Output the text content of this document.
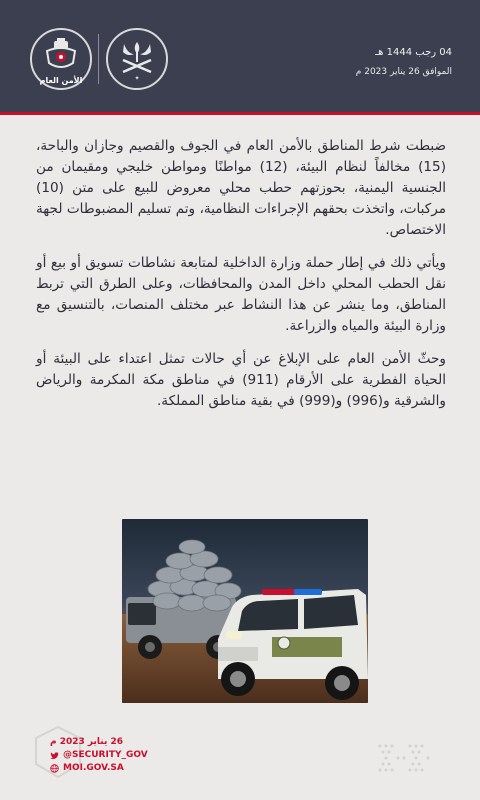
الأمن العام	✦
04 رجب 1444 هـ
الموافق 26 يناير 2023 م

ضبطت شرط المناطق بالأمن العام في الجوف والقصيم وجازان والباحة، (15) مخالفاً لنظام البيئة، (12) مواطنًا ومواطن خليجي ومقيمان من الجنسية اليمنية، بحوزتهم حطب محلي معروض للبيع على متن (10) مركبات، واتخذت بحقهم الإجراءات النظامية، وتم تسليم المضبوطات لجهة الاختصاص.

ويأتي ذلك في إطار حملة وزارة الداخلية لمتابعة نشاطات تسويق أو بيع أو نقل الحطب المحلي داخل المدن والمحافظات، وعلى الطرق التي تربط المناطق، وما ينشر عن هذا النشاط عبر مختلف المنصات، بالتنسيق مع وزارة البيئة والمياه والزراعة.

وحثّ الأمن العام على الإبلاغ عن أي حالات تمثل اعتداء على البيئة أو الحياة الفطرية على الأرقام (911) في مناطق مكة المكرمة والرياض والشرقية و(996) و(999) في بقية مناطق المملكة.

26 يناير 2023 م
@SECURITY_GOV
MOI.GOV.SA
